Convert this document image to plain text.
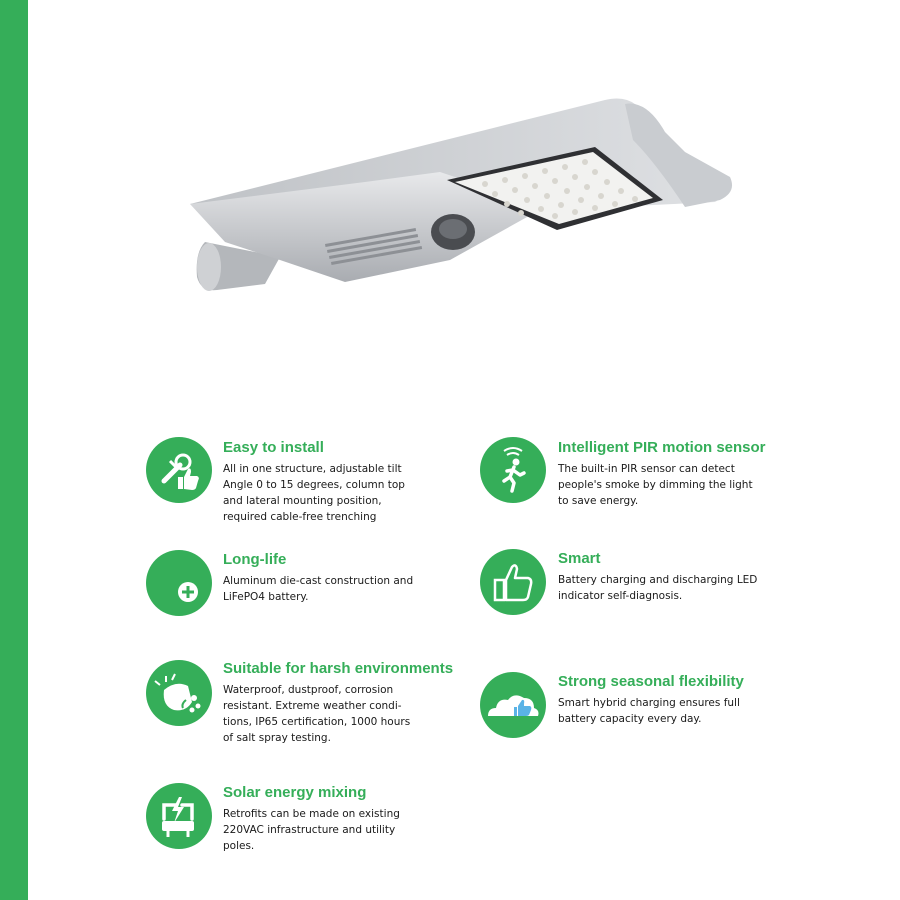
Easy to install
All in one structure, adjustable tilt
Angle 0 to 15 degrees, column top
and lateral mounting position,
required cable-free trenching
Intelligent PIR motion sensor
The built-in PIR sensor can detect
people's smoke by dimming the light
to save energy.
Long-life
Aluminum die-cast construction and
LiFePO4 battery.
Smart
Battery charging and discharging LED
indicator self-diagnosis.
Suitable for harsh environments
Waterproof, dustproof, corrosion
resistant. Extreme weather condi-
tions, IP65 certification, 1000 hours
of salt spray testing.
Strong seasonal flexibility
Smart hybrid charging ensures full
battery capacity every day.
Solar energy mixing
Retrofits can be made on existing
220VAC infrastructure and utility
poles.
